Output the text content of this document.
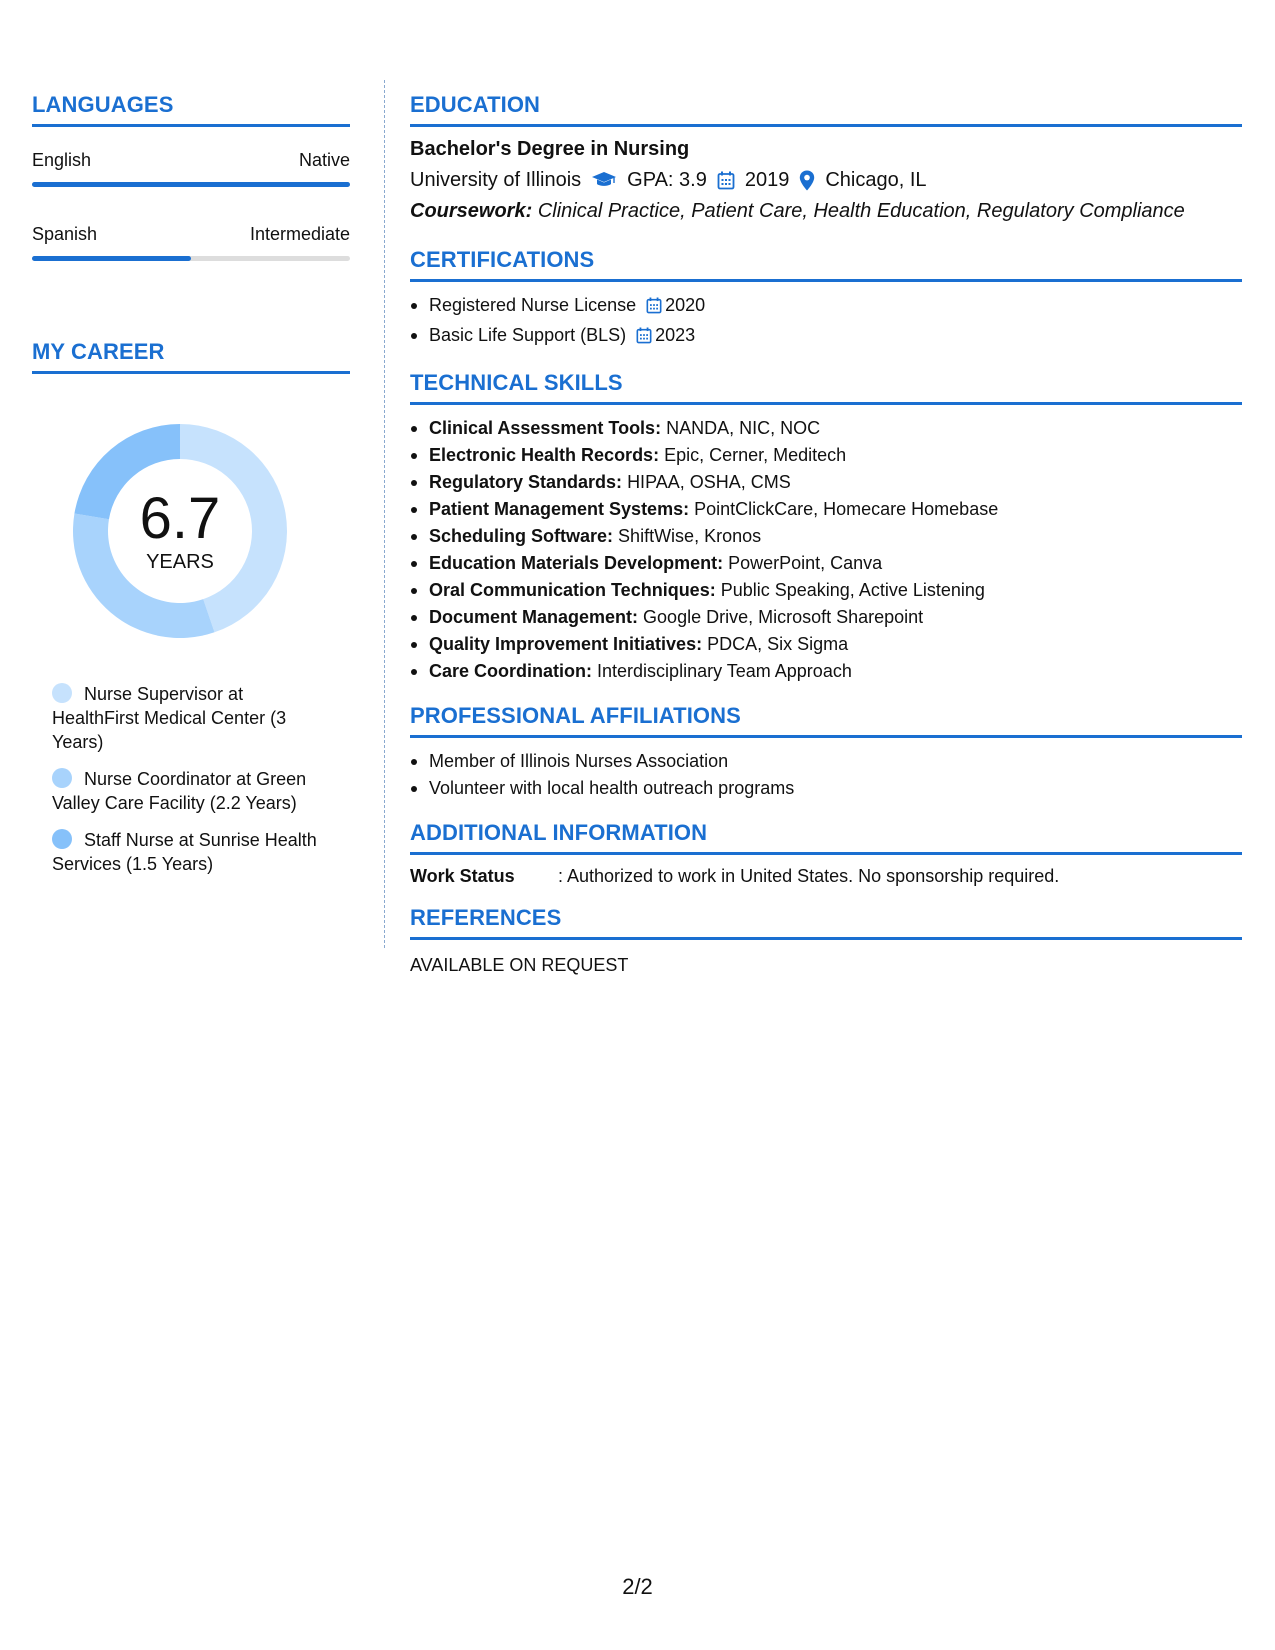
LANGUAGES
English	Native
Spanish	Intermediate
MY CAREER
6.7
YEARS
Nurse Supervisor at HealthFirst Medical Center (3 Years)
Nurse Coordinator at Green Valley Care Facility (2.2 Years)
Staff Nurse at Sunrise Health Services (1.5 Years)
EDUCATION
Bachelor's Degree in Nursing
University of Illinois GPA: 3.9 2019 Chicago, IL
Coursework: Clinical Practice, Patient Care, Health Education, Regulatory Compliance
CERTIFICATIONS
Registered Nurse License 2020
Basic Life Support (BLS) 2023
TECHNICAL SKILLS
Clinical Assessment Tools: NANDA, NIC, NOC
Electronic Health Records: Epic, Cerner, Meditech
Regulatory Standards: HIPAA, OSHA, CMS
Patient Management Systems: PointClickCare, Homecare Homebase
Scheduling Software: ShiftWise, Kronos
Education Materials Development: PowerPoint, Canva
Oral Communication Techniques: Public Speaking, Active Listening
Document Management: Google Drive, Microsoft Sharepoint
Quality Improvement Initiatives: PDCA, Six Sigma
Care Coordination: Interdisciplinary Team Approach
PROFESSIONAL AFFILIATIONS
Member of Illinois Nurses Association
Volunteer with local health outreach programs
ADDITIONAL INFORMATION
Work Status	: Authorized to work in United States. No sponsorship required.
REFERENCES
AVAILABLE ON REQUEST
2/2
